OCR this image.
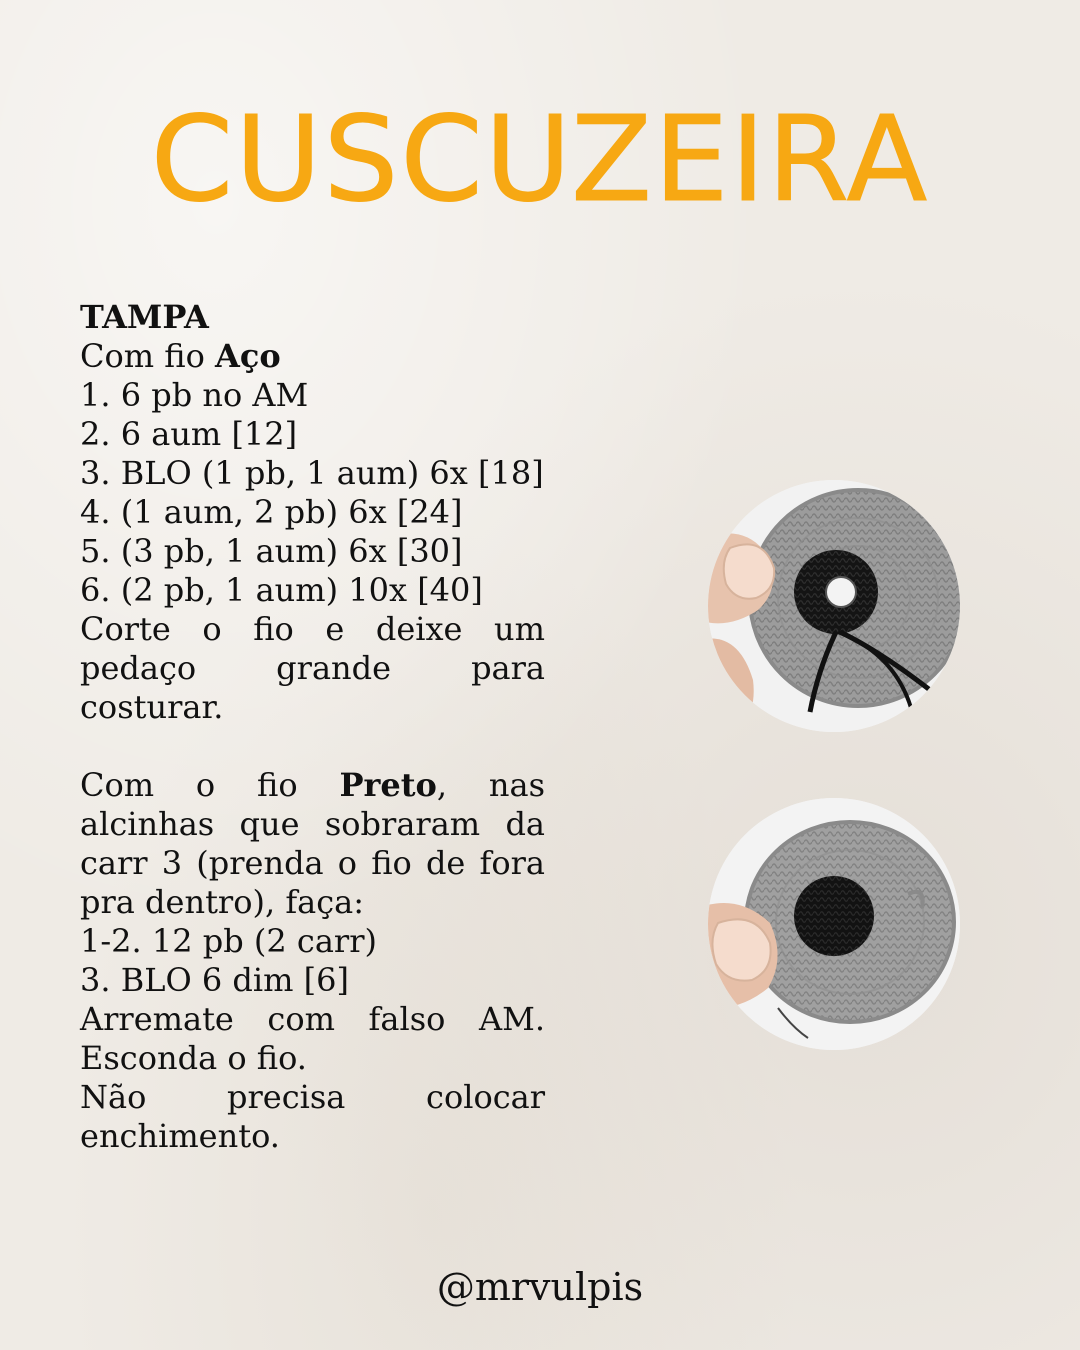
CUSCUZEIRA
TAMPA
Com fio Aço
1. 6 pb no AM
2. 6 aum [12]
3. BLO (1 pb, 1 aum) 6x [18]
4. (1 aum, 2 pb) 6x [24]
5. (3 pb, 1 aum) 6x [30]
6. (2 pb, 1 aum) 10x [40]
Corte o fio e deixe um pedaço grande para costurar.
Com o fio Preto, nas alcinhas que sobraram da carr 3 (prenda o fio de fora pra dentro), faça:
1-2. 12 pb (2 carr)
3. BLO 6 dim [6]
Arremate com falso AM. Esconda o fio.
Não precisa colocar enchimento.
@mrvulpis
